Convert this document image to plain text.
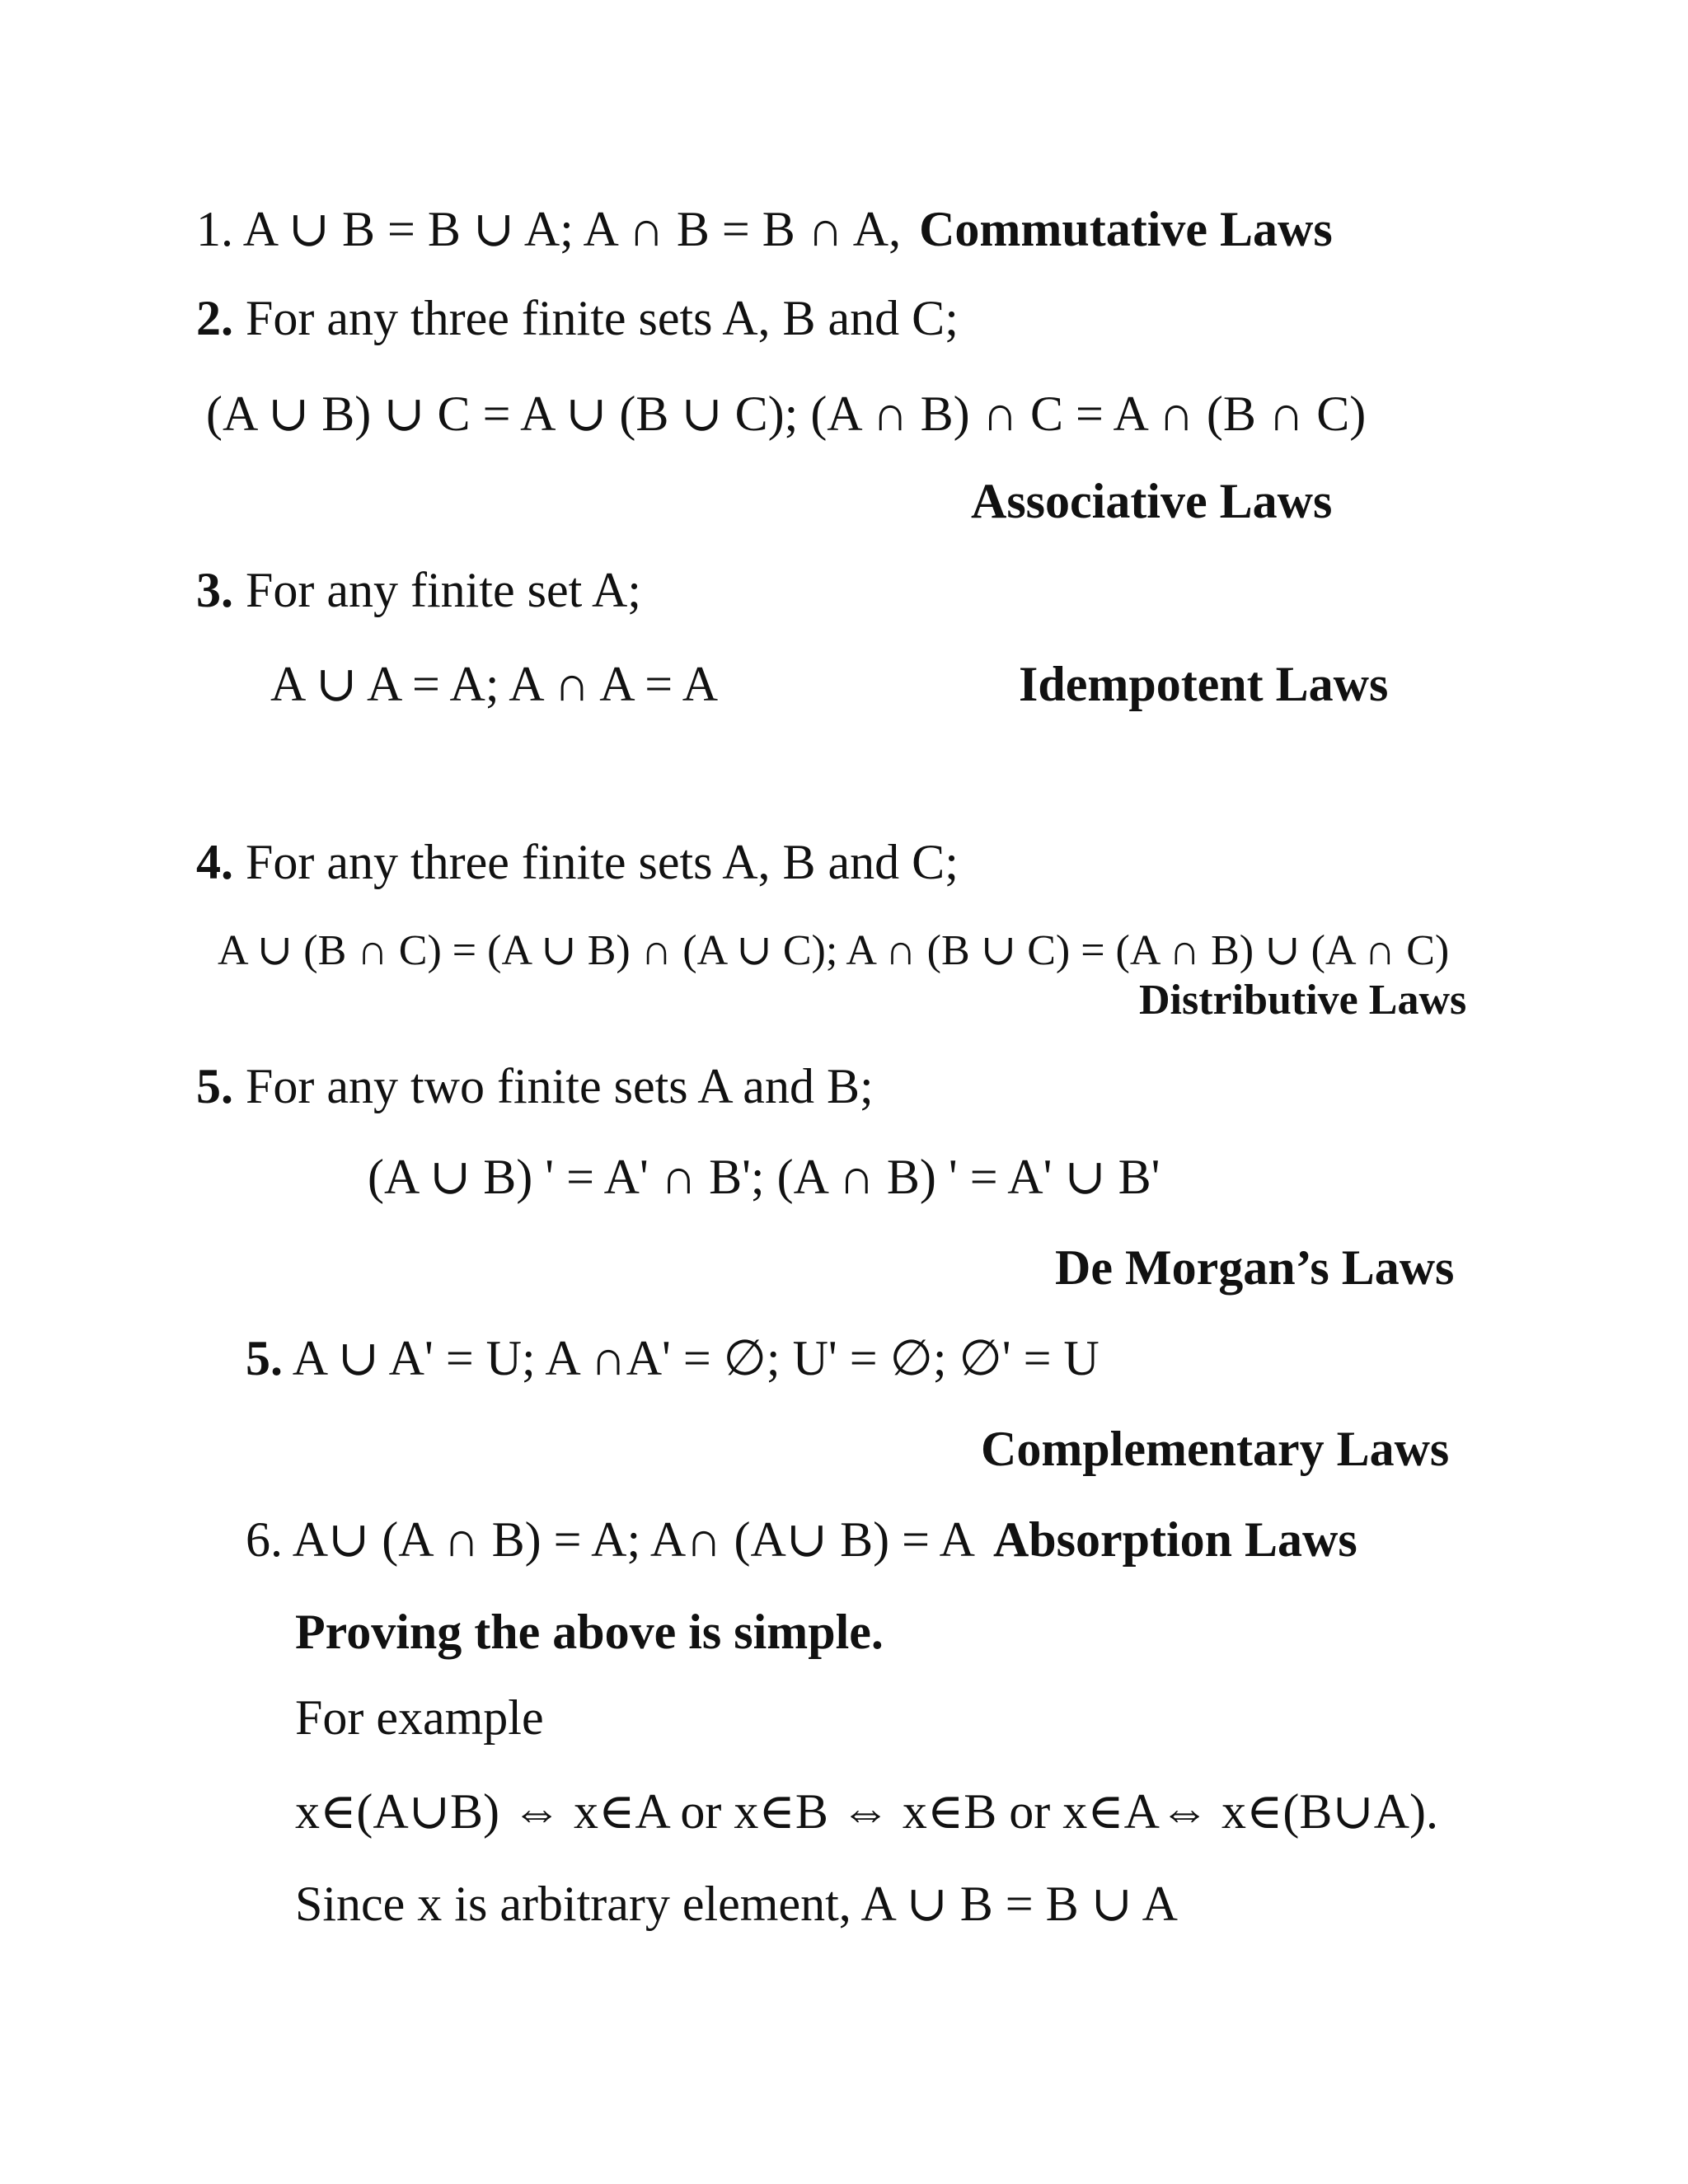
1. A ∪ B = B ∪ A; A ∩ B = B ∩ A, Commutative Laws
2. For any three finite sets A, B and C;
(A ∪ B) ∪ C = A ∪ (B ∪ C); (A ∩ B) ∩ C = A ∩ (B ∩ C)
Associative Laws
3. For any finite set A;
A ∪ A = A; A ∩ A = A	Idempotent Laws
4. For any three finite sets A, B and C;
A ∪ (B ∩ C) = (A ∪ B) ∩ (A ∪ C); A ∩ (B ∪ C) = (A ∩ B) ∪ (A ∩ C)
Distributive Laws
5. For any two finite sets A and B;
(A ∪ B) ' = A' ∩ B'; (A ∩ B) ' = A' ∪ B'
De Morgan’s Laws
5. A ∪ A' = U; A ∩A' = ∅; U' = ∅; ∅' = U
Complementary Laws
6. A∪ (A ∩ B) = A; A∩ (A∪ B) = A Absorption Laws
Proving the above is simple.
For example
x∈(A∪B) ⇔ x∈A or x∈B ⇔ x∈B or x∈A⇔ x∈(B∪A).
Since x is arbitrary element, A ∪ B = B ∪ A
